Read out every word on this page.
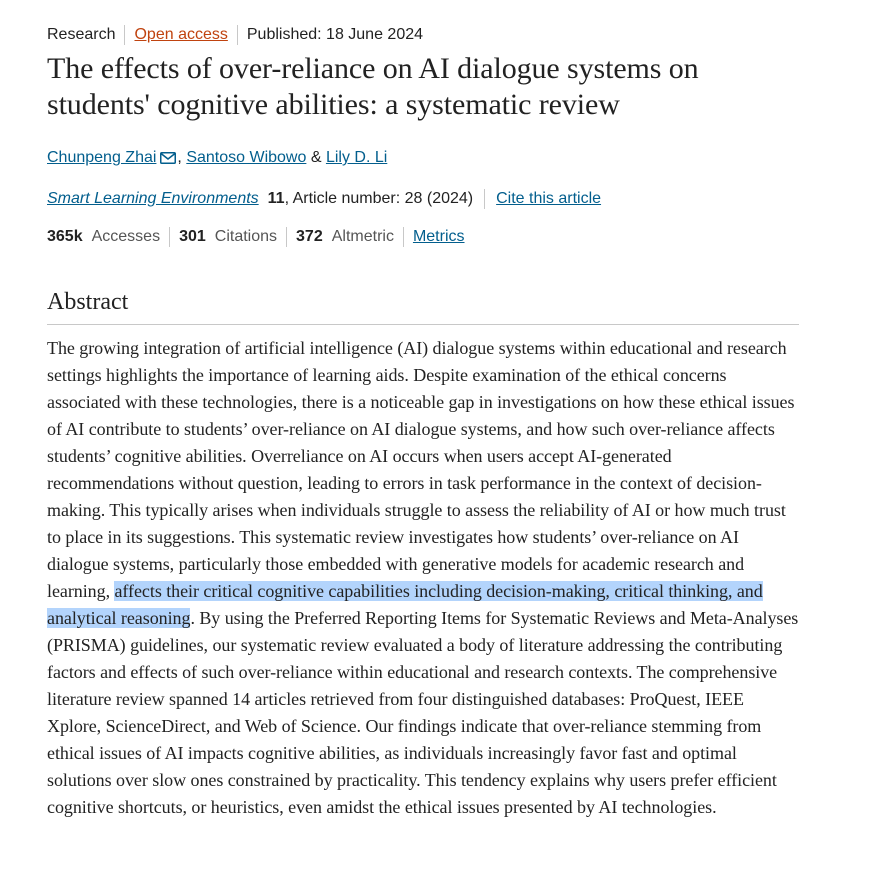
Research Open access Published: 18 June 2024
The effects of over-reliance on AI dialogue systems on students' cognitive abilities: a systematic review
Chunpeng Zhai , Santoso Wibowo & Lily D. Li
Smart Learning Environments 11 , Article number: 28 (2024) Cite this article
365k Accesses 301 Citations 372 Altmetric Metrics
Abstract

The growing integration of artificial intelligence (AI) dialogue systems within educational and research settings highlights the importance of learning aids. Despite examination of the ethical concerns associated with these technologies, there is a noticeable gap in investigations on how these ethical issues of AI contribute to students’ over-reliance on AI dialogue systems, and how such over-reliance affects students’ cognitive abilities. Overreliance on AI occurs when users accept AI-generated recommendations without question, leading to errors in task performance in the context of decision-making. This typically arises when individuals struggle to assess the reliability of AI or how much trust to place in its suggestions. This systematic review investigates how students’ over-reliance on AI dialogue systems, particularly those embedded with generative models for academic research and learning, affects their critical cognitive capabilities including decision-making, critical thinking, and analytical reasoning. By using the Preferred Reporting Items for Systematic Reviews and Meta-Analyses (PRISMA) guidelines, our systematic review evaluated a body of literature addressing the contributing factors and effects of such over-reliance within educational and research contexts. The comprehensive literature review spanned 14 articles retrieved from four distinguished databases: ProQuest, IEEE Xplore, ScienceDirect, and Web of Science. Our findings indicate that over-reliance stemming from ethical issues of AI impacts cognitive abilities, as individuals increasingly favor fast and optimal solutions over slow ones constrained by practicality. This tendency explains why users prefer efficient cognitive shortcuts, or heuristics, even amidst the ethical issues presented by AI technologies.
